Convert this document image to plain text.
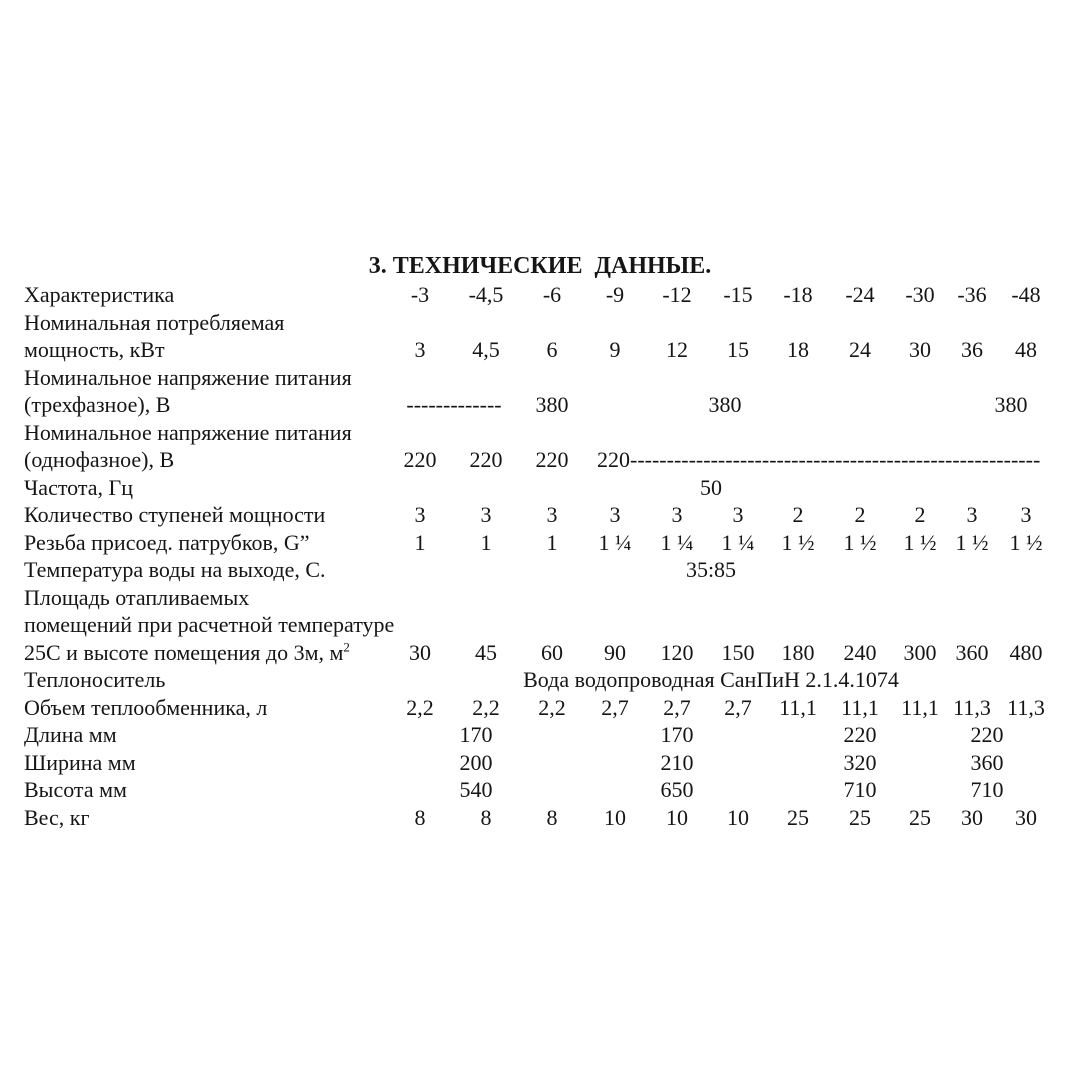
3. ТЕХНИЧЕСКИЕ  ДАННЫЕ.
Характеристика	-3	-4,5	-6	-9	-12	-15	-18	-24	-30	-36	-48

Номинальная потребляемая
мощность, кВт	3	4,5	6	9	12	15	18	24	30	36	48

Номинальное напряжение питания
(трехфазное), В	-------------		380	380						380	

Номинальное напряжение питания
(однофазное), В	220	220	220	220--------------------------------------------------------							

Частота, Гц	50										
Количество ступеней мощности	3	3	3	3	3	3	2	2	2	3	3
Резьба присоед. патрубков, G”	1	1	1	1 ¼	1 ¼	1 ¼	1 ½	1 ½	1 ½	1 ½	1 ½
Температура воды на выходе, С.	35:85										

Площадь отапливаемых
помещений при расчетной температуре
25С и высоте помещения до 3м, $м^2$	30	45	60	90	120	150	180	240	300	360	480
Теплоноситель	Вода водопроводная СанПиН 2.1.4.1074										
Объем теплообменника, л	2,2	2,2	2,2	2,7	2,7	2,7	11,1	11,1	11,1	11,3	11,3
Длина мм		170			170			220		220	
Ширина мм		200			210			320		360	
Высота мм		540			650			710		710	
Вес, кг	8	8	8	10	10	10	25	25	25	30	30
